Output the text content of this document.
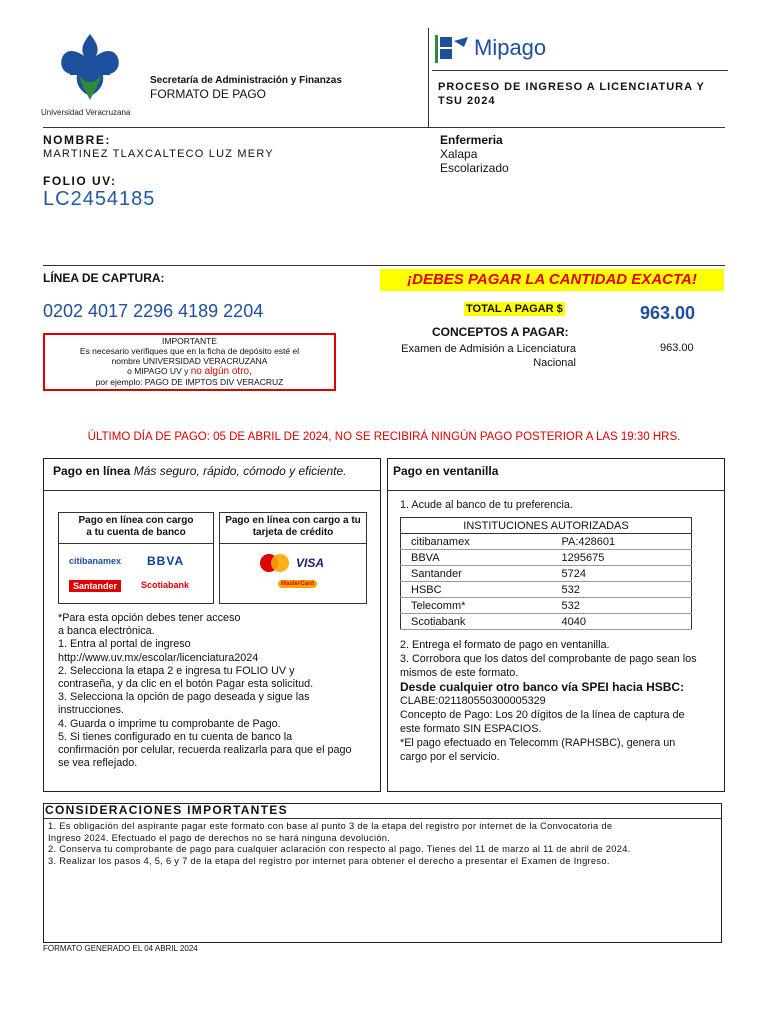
Universidad Veracruzana
Secretaría de Administración y Finanzas
FORMATO DE PAGO
Mipago
PROCESO DE INGRESO A LICENCIATURA Y TSU 2024
NOMBRE:
MARTINEZ TLAXCALTECO LUZ MERY
FOLIO UV:
LC2454185
Enfermeria
Xalapa
Escolarizado
LÍNEA DE CAPTURA:
0202 4017 2296 4189 2204
¡DEBES PAGAR LA CANTIDAD EXACTA!
TOTAL A PAGAR $	963.00
CONCEPTOS A PAGAR:
Examen de Admisión a Licenciatura
Nacional
963.00
IMPORTANTE
Es necesario verifiques que en la ficha de depósito esté el
nombre UNIVERSIDAD VERACRUZANA
o MIPAGO UV y no algún otro,
por ejemplo: PAGO DE IMPTOS DIV VERACRUZ
ÚLTIMO DÍA DE PAGO: 05 DE ABRIL DE 2024, NO SE RECIBIRÁ NINGÚN PAGO POSTERIOR A LAS 19:30 HRS.
Pago en línea Más seguro, rápido, cómodo y eficiente.
Pago en línea con cargo
a tu cuenta de banco
citibanamex BBVA
Santander	Scotiabank
Pago en línea con cargo a tu
tarjeta de crédito
VISA
MasterCard
*Para esta opción debes tener acceso
a banca electrónica.
1. Entra al portal de ingreso
http://www.uv.mx/escolar/licenciatura2024
2. Selecciona la etapa 2 e ingresa tu FOLIO UV y
contraseña, y da clic en el botón Pagar esta solicitud.
3. Selecciona la opción de pago deseada y sigue las
instrucciones.
4. Guarda o imprime tu comprobante de Pago.
5. Si tienes configurado en tu cuenta de banco la
confirmación por celular, recuerda realizarla para que el pago
se vea reflejado.
Pago en ventanilla
1. Acude al banco de tu preferencia.
INSTITUCIONES AUTORIZADAS	
citibanamex	PA:428601
BBVA	1295675
Santander	5724
HSBC	532
Telecomm*	532
Scotiabank	4040
2. Entrega el formato de pago en ventanilla.
3. Corrobora que los datos del comprobante de pago sean los
mismos de este formato.
Desde cualquier otro banco vía SPEI hacia HSBC:
CLABE:021180550300005329
Concepto de Pago: Los 20 dígitos de la línea de captura de
este formato SIN ESPACIOS.
*El pago efectuado en Telecomm (RAPHSBC), genera un
cargo por el servicio.
CONSIDERACIONES IMPORTANTES
1. Es obligación del aspirante pagar este formato con base al punto 3 de la etapa del registro por internet de la Convocatoria de
Ingreso 2024. Efectuado el pago de derechos no se hará ninguna devolución.
2. Conserva tu comprobante de pago para cualquier aclaración con respecto al pago. Tienes del 11 de marzo al 11 de abril de 2024.
3. Realizar los pasos 4, 5, 6 y 7 de la etapa del registro por internet para obtener el derecho a presentar el Examen de Ingreso.
FORMATO GENERADO EL 04 ABRIL 2024
